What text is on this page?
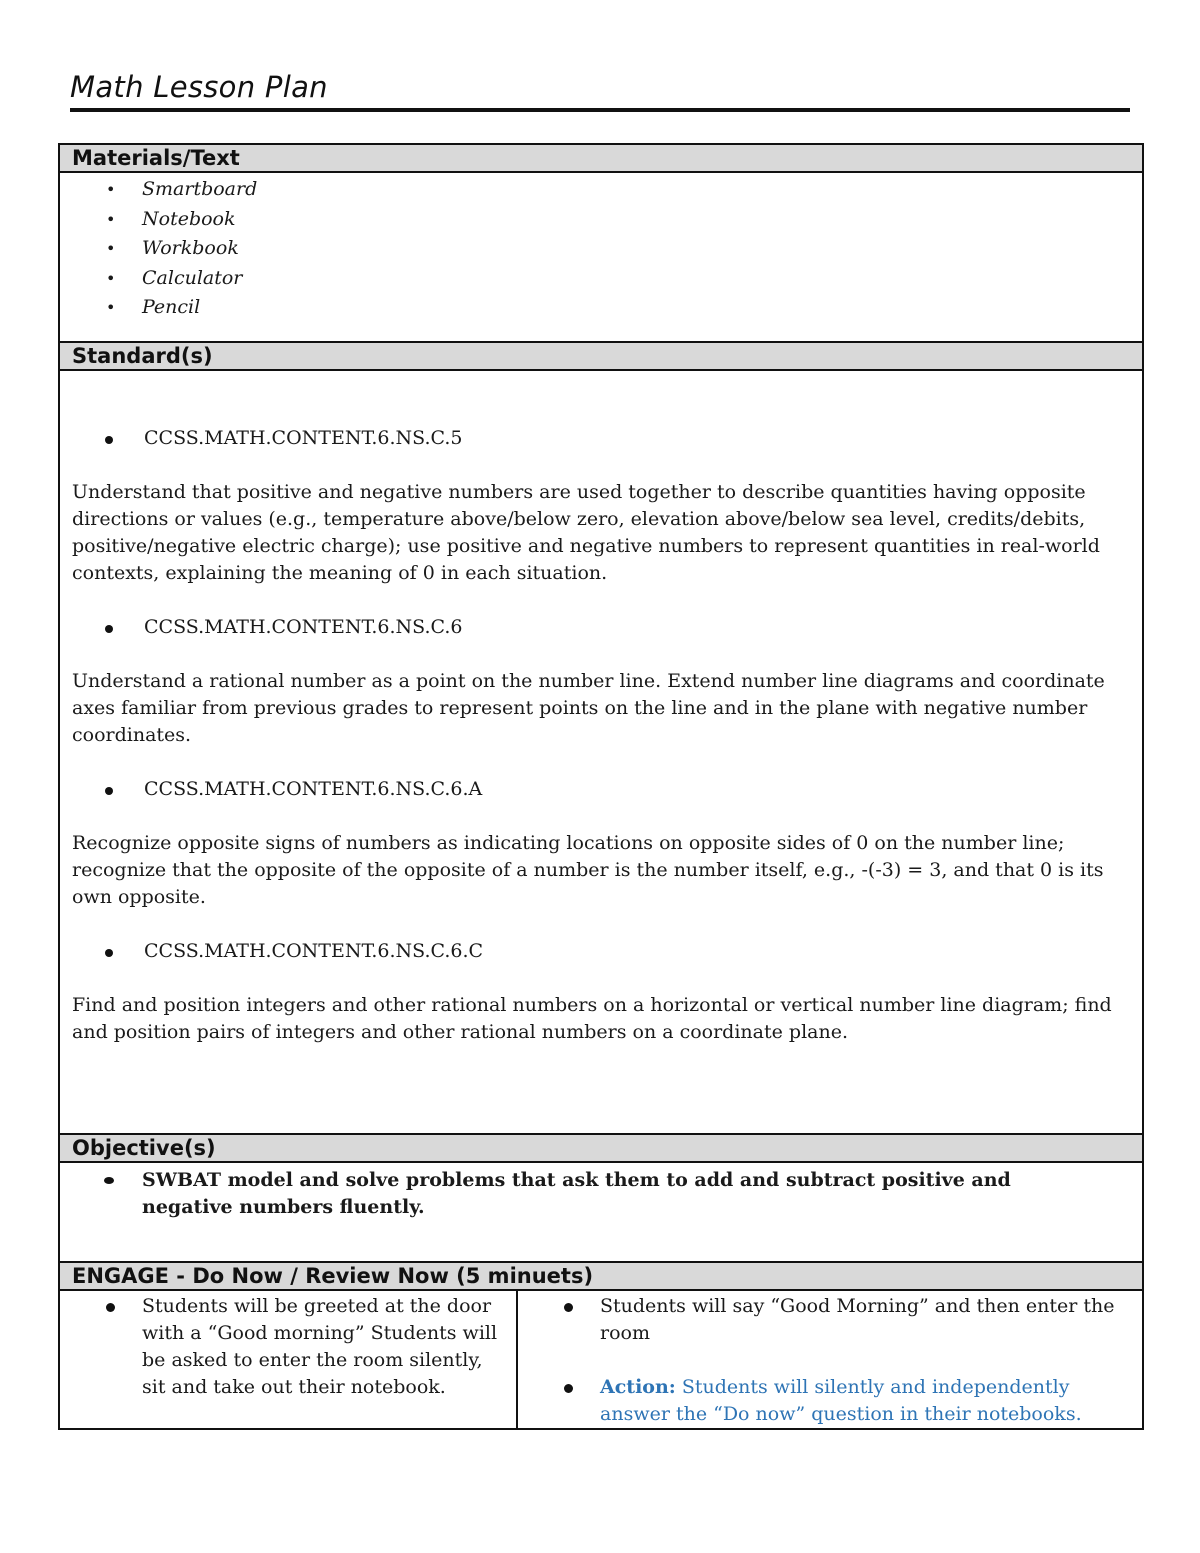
Math Lesson Plan
Materials/Text

• Smartboard
• Notebook
• Workbook
• Calculator
• Pencil

Standard(s)

CCSS.MATH.CONTENT.6.NS.C.5

Understand that positive and negative numbers are used together to describe quantities having opposite directions or values (e.g., temperature above/below zero, elevation above/below sea level, credits/debits, positive/negative electric charge); use positive and negative numbers to represent quantities in real-world contexts, explaining the meaning of 0 in each situation.

CCSS.MATH.CONTENT.6.NS.C.6

Understand a rational number as a point on the number line. Extend number line diagrams and coordinate axes familiar from previous grades to represent points on the line and in the plane with negative number coordinates.

CCSS.MATH.CONTENT.6.NS.C.6.A

Recognize opposite signs of numbers as indicating locations on opposite sides of 0 on the number line; recognize that the opposite of the opposite of a number is the number itself, e.g., -(-3) = 3, and that 0 is its own opposite.

CCSS.MATH.CONTENT.6.NS.C.6.C

Find and position integers and other rational numbers on a horizontal or vertical number line diagram; find and position pairs of integers and other rational numbers on a coordinate plane.

Objective(s)

SWBAT model and solve problems that ask them to add and subtract positive and negative numbers fluently.

ENGAGE - Do Now / Review Now (5 minuets)

Students will be greeted at the door with a “Good morning” Students will be asked to enter the room silently, sit and take out their notebook.

Students will say “Good Morning” and then enter the room

Action: Students will silently and independently answer the “Do now” question in their notebooks.
